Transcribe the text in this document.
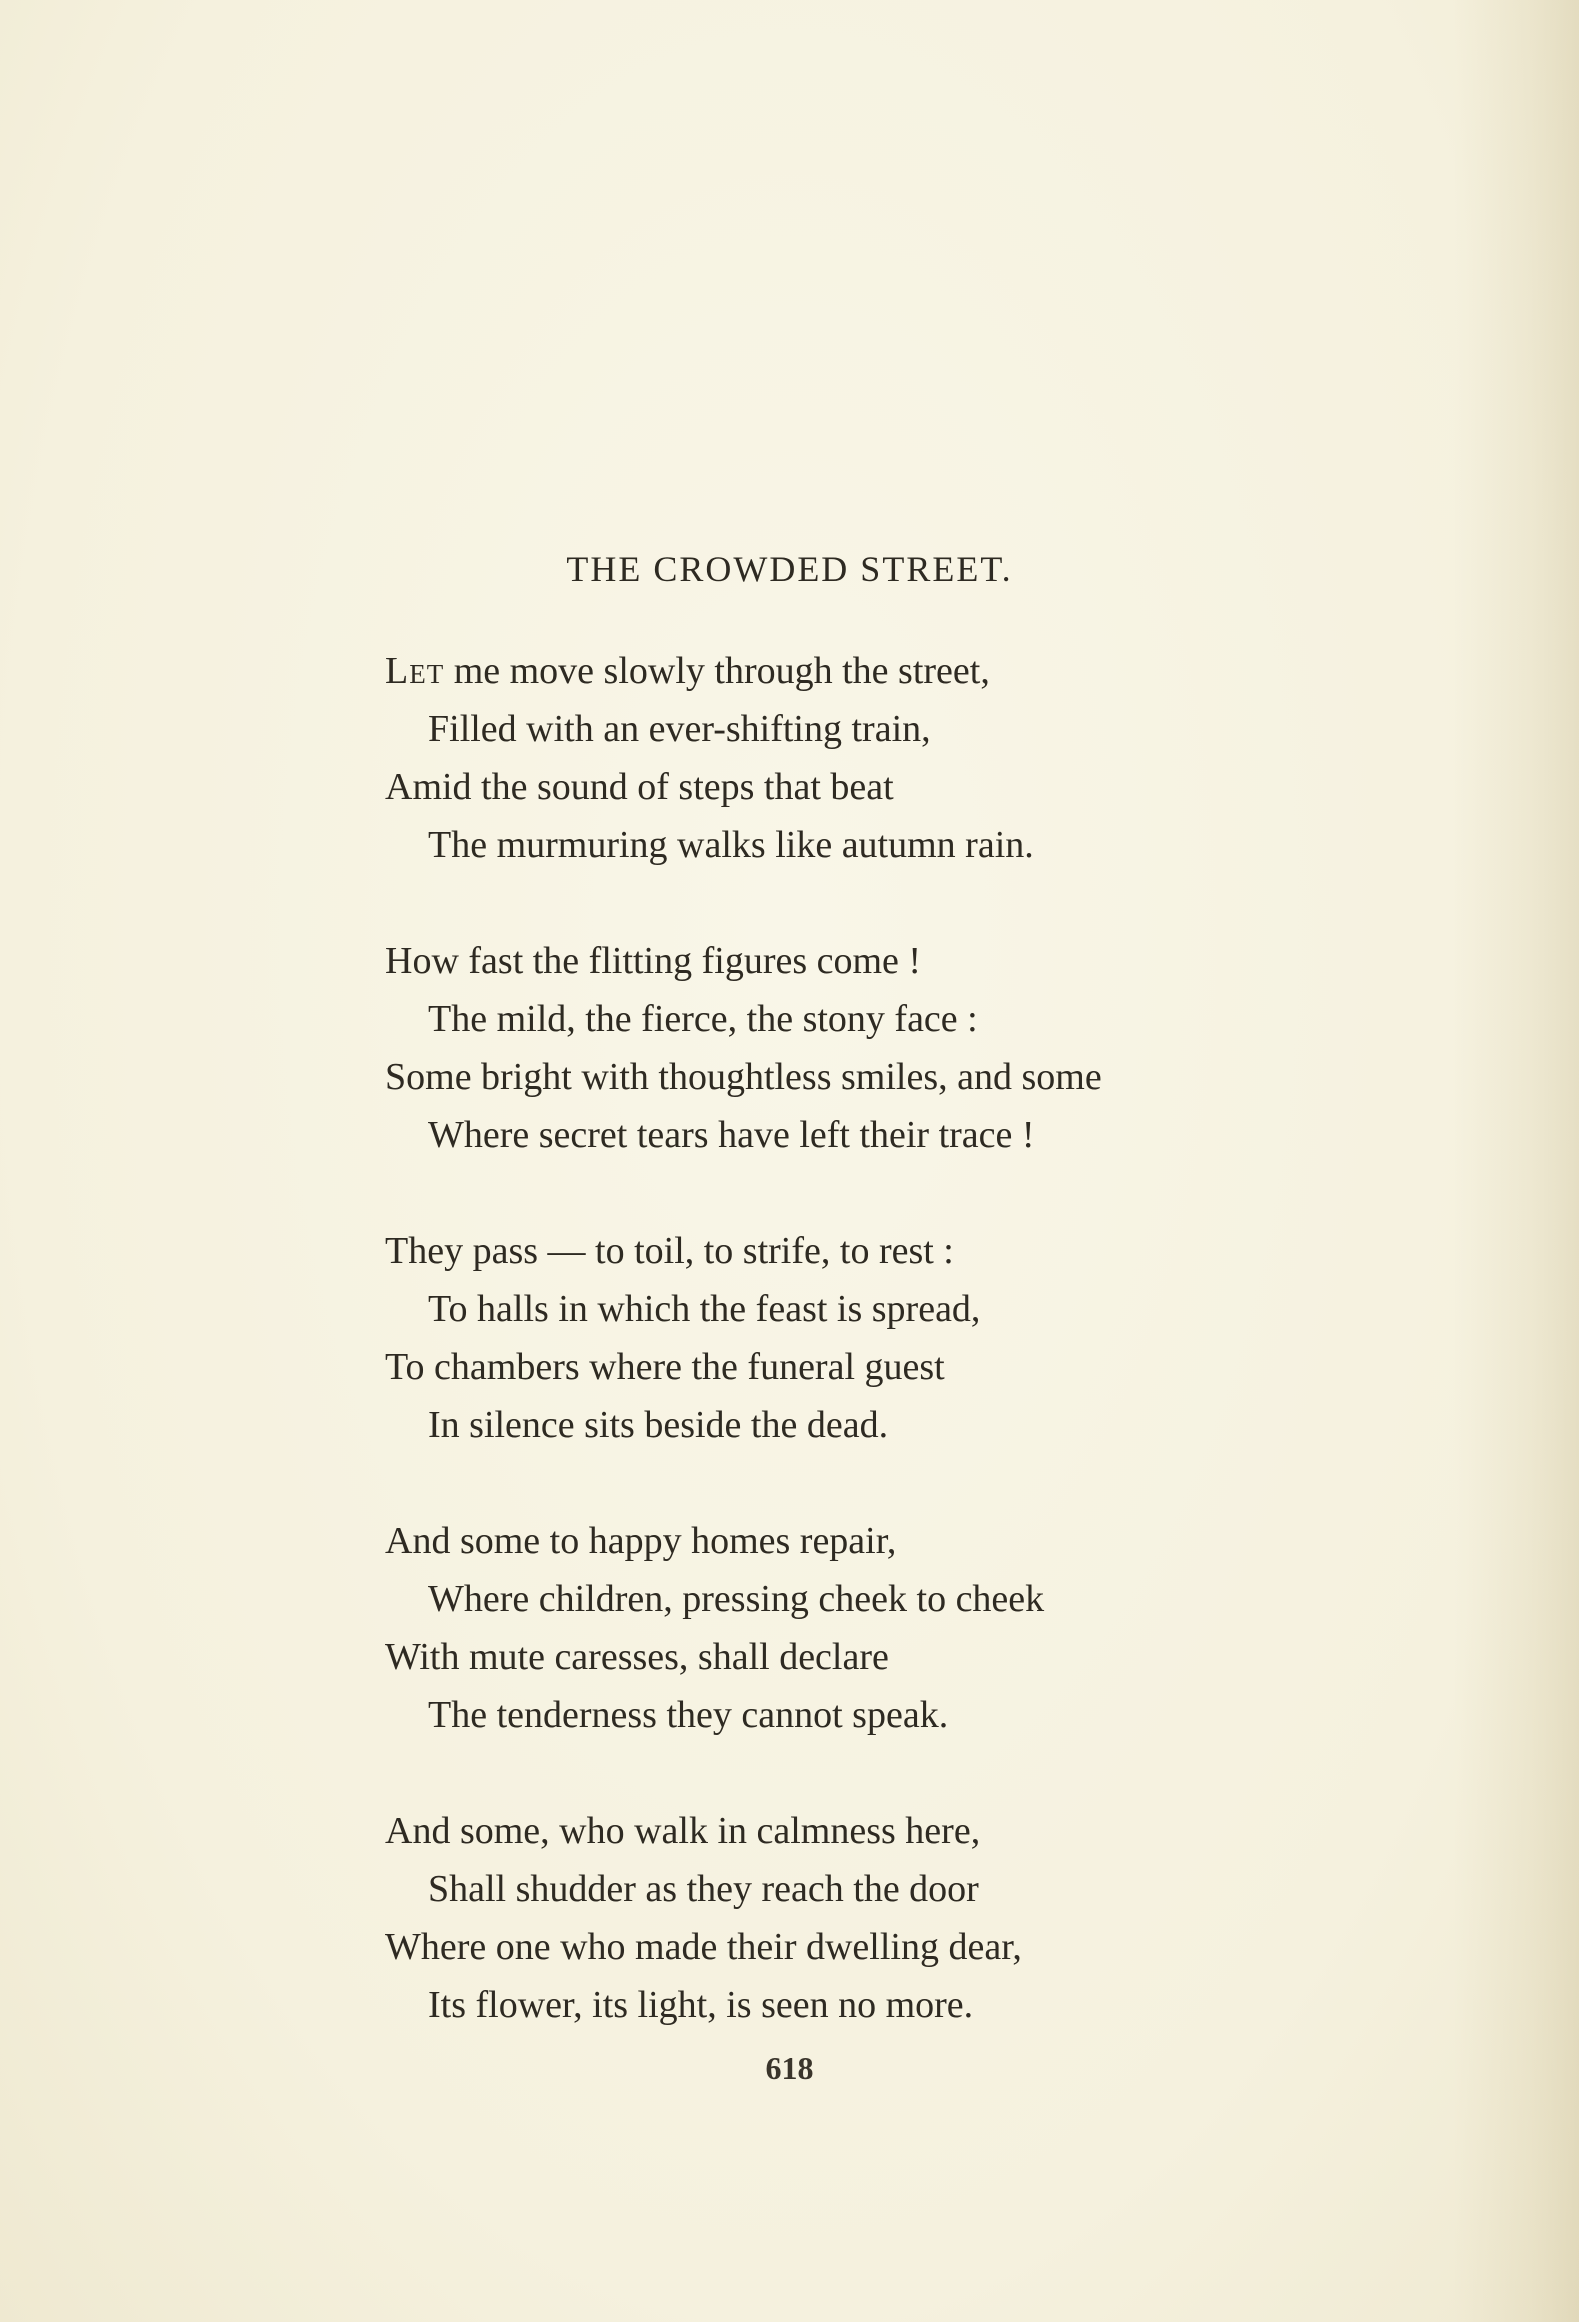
THE CROWDED STREET.
Let me move slowly through the street,
Filled with an ever-shifting train,
Amid the sound of steps that beat
The murmuring walks like autumn rain.
How fast the flitting figures come !
The mild, the fierce, the stony face :
Some bright with thoughtless smiles, and some
Where secret tears have left their trace !
They pass — to toil, to strife, to rest :
To halls in which the feast is spread,
To chambers where the funeral guest
In silence sits beside the dead.
And some to happy homes repair,
Where children, pressing cheek to cheek
With mute caresses, shall declare
The tenderness they cannot speak.
And some, who walk in calmness here,
Shall shudder as they reach the door
Where one who made their dwelling dear,
Its flower, its light, is seen no more.
618
